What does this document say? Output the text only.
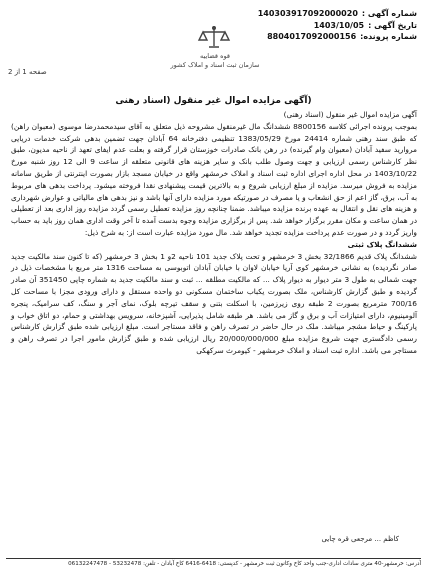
شماره آگهی :
140303917092000020
تاریخ آگهی :
1403/10/05
شماره پرونده:
8804017092000156
قوه قضاییه
سازمان ثبت اسناد و املاک کشور
صفحه 1 از 2
(آگهی مزایده اموال غیر منقول (اسناد رهنی

آگهی مزایده اموال غیر منقول (اسناد رهنی)

بموجب پرونده اجرائی کلاسه 8800156 ششدانگ مال غیرمنقول مشروحه ذیل متعلق به آقای سیدمحمدرضا موسوی (معبوان راهن) که طبق سند رهنی شماره 24414 مورخ 1383/05/29 تنظیمی دفترخانه 64 آبادان جهت تضمین بدهی شرکت خدمات دریایی مروارید سفید آبادان (معبوان وام گیرنده) در رهن بانک صادرات خوزستان قرار گرفته و بعلت عدم ایفای تعهد از ناحیه مدیون، طبق نظر کارشناس رسمی ارزیابی و جهت وصول طلب بانک و سایر هزینه های قانونی متعلقه از ساعت 9 الی 12 روز شنبه مورخ 1403/10/22 در محل اداره اجرای اداره ثبت اسناد و املاک خرمشهر واقع در خیابان مسجد بازار بصورت اینترنتی از طریق سامانه مزایده به فروش میرسد. مزایده از مبلغ ارزیابی شروع و به بالاترین قیمت پیشنهادی نقدا فروخته میشود. پرداخت بدهی های مربوط به آب، برق، گاز اعم از حق انشعاب و یا مصرف در صورتیکه مورد مزایده دارای آنها باشد و نیز بدهی های مالیاتی و عوارض شهرداری و هزینه های نقل و انتقال به عهده برنده مزایده میباشد. ضمنا چنانچه روز مزایده تعطیل رسمی گردد مزایده روز اداری بعد از تعطیلی در همان ساعت و مکان مقرر برگزار خواهد شد. پس از برگزاری مزایده وجوه بدست آمده تا آخر وقت اداری همان روز باید به حساب واریز گردد و در صورت عدم پرداخت مزایده تجدید خواهد شد. مال مورد مزایده عبارت است از: به شرح ذیل:

ششدانگ پلاک ثبتی

ششدانگ پلاک قدیم 32/1866 بخش 3 خرمشهر و تحت پلاک جدید 101 ناحیه 2و 1 بخش 3 خرمشهر (که تا کنون سند مالکیت جدید صادر نگردیده) به نشانی خرمشهر کوی آریا خیابان لاوان با خیابان آبادان اتوبوسی به مساحت 1316 متر مربع با مشخصات ذیل در جهت شمالی به طول 3 متر دیوار به دیوار پلاک ... که مالکیت مطلقه ... ثبت و سند مالکیت جدید به شماره چاپی 351450 آن صادر گردیده و طبق گزارش کارشناس، ملک بصورت یکباب ساختمان مسکونی دو واحده مستقل و دارای ورودی مجزا با مساحت کل 700/16 مترمربع بصورت 2 طبقه روی زیرزمین، با اسکلت بتنی و سقف تیرچه بلوک، نمای آجر و سنگ، کف سرامیک، پنجره آلومینیوم، دارای امتیازات آب و برق و گاز می باشد. هر طبقه شامل پذیرایی، آشپزخانه، سرویس بهداشتی و حمام، دو اتاق خواب و پارکینگ و حیاط مشجر میباشد. ملک در حال حاضر در تصرف راهن و فاقد مستاجر است. مبلغ ارزیابی شده طبق گزارش کارشناس رسمی دادگستری جهت شروع مزایده مبلغ 20/000/000/000 ریال ارزیابی شده و طبق گزارش مامور اجرا در تصرف راهن و مستاجر می باشد. اداره ثبت اسناد و املاک خرمشهر - کیومرث سرکهکی

کاظم ... مرجعی قره چایی
آدرس: خرمشهر-40 متری سادات اداری-جنب واحد کاخ وکانون ثبت خرمشهر - کدپستی: 6418-6416 کاخ آبادان - تلفن: 53232478 - 06132247478
